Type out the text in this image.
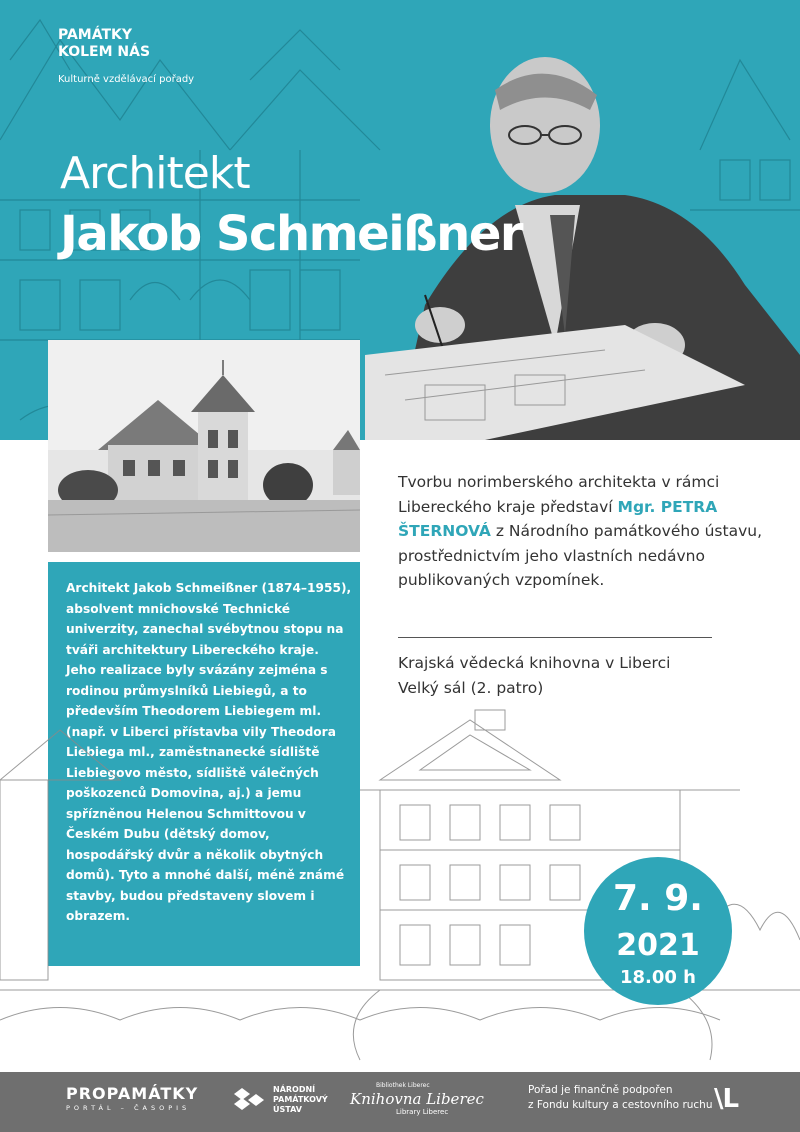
PAMÁTKY
KOLEM NÁS
Kulturně vzdělávací pořady
Architekt
Jakob Schmeißner

Architekt Jakob Schmeißner (1874–1955), absolvent mnichovské Technické univerzity, zanechal svébytnou stopu na tváři architektury Libereckého kraje. Jeho realizace byly svázány zejména s rodinou průmyslníků Liebiegů, a to především Theodorem Liebiegem ml. (např. v Liberci přístavba vily Theodora Liebiega ml., zaměstnanecké sídliště Liebiegovo město, sídliště válečných poškozenců Domovina, aj.) a jemu spřízněnou Helenou Schmittovou v Českém Dubu (dětský domov, hospodářský dvůr a několik obytných domů). Tyto a mnohé další, méně známé stavby, budou představeny slovem i obrazem.

Tvorbu norimberského architekta v rámci Libereckého kraje představí Mgr. PETRA ŠTERNOVÁ z Národního památkového ústavu, prostřednictvím jeho vlastních nedávno publikovaných vzpomínek.

Krajská vědecká knihovna v Liberci
Velký sál (2. patro)
7. 9.
2021
18.00 h
PROPAMÁTKY
PORTÁL – ČASOPIS
NÁRODNÍ
PAMÁTKOVÝ
ÚSTAV
Bibliothek Liberec
Knihovna Liberec
Library Liberec
Pořad je finančně podpořen
z Fondu kultury a cestovního ruchu \L
